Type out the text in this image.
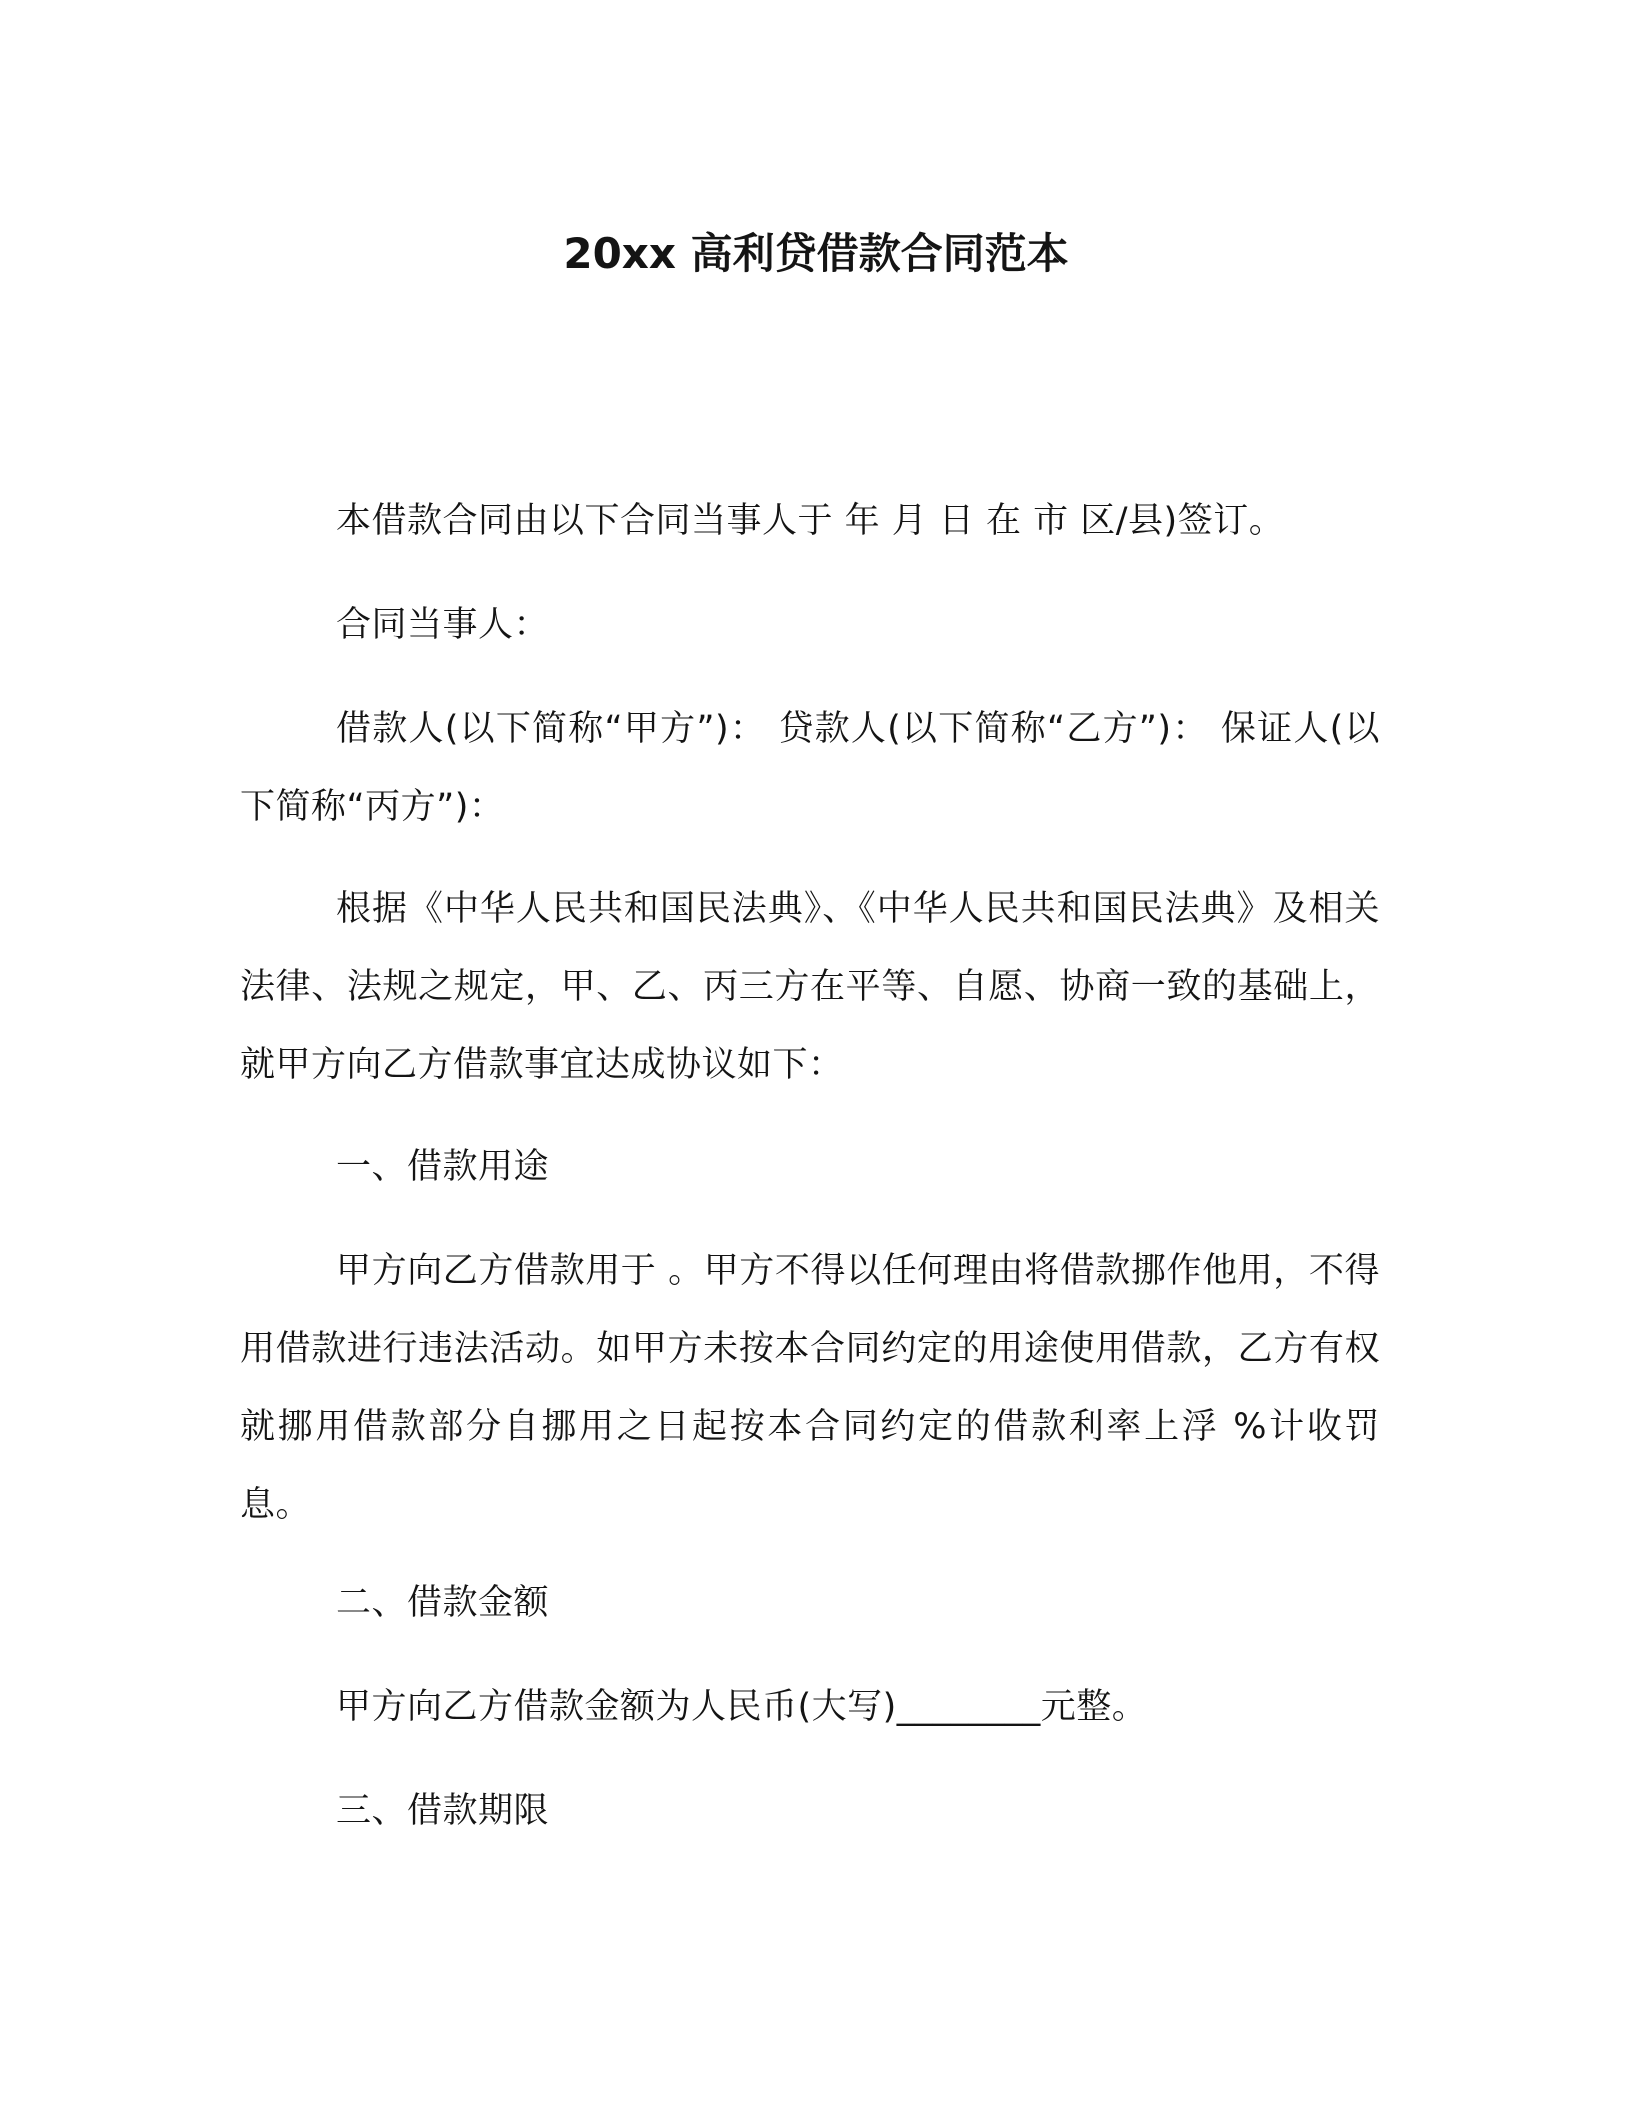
20xx 高利贷借款合同范本
本借款合同由以下合同当事人于 年 月 日 在 市 区/县)签订。
合同当事人：
借款人(以下简称“甲方”)： 贷款人(以下简称“乙方”)： 保证人(以下简称“丙方”)：
根据《中华人民共和国民法典》、《中华人民共和国民法典》及相关法律、法规之规定，甲、乙、丙三方在平等、自愿、协商一致的基础上，就甲方向乙方借款事宜达成协议如下：
一、借款用途
甲方向乙方借款用于 。甲方不得以任何理由将借款挪作他用，不得用借款进行违法活动。如甲方未按本合同约定的用途使用借款，乙方有权就挪用借款部分自挪用之日起按本合同约定的借款利率上浮 %计收罚息。
二、借款金额
甲方向乙方借款金额为人民币(大写)________元整。
三、借款期限
